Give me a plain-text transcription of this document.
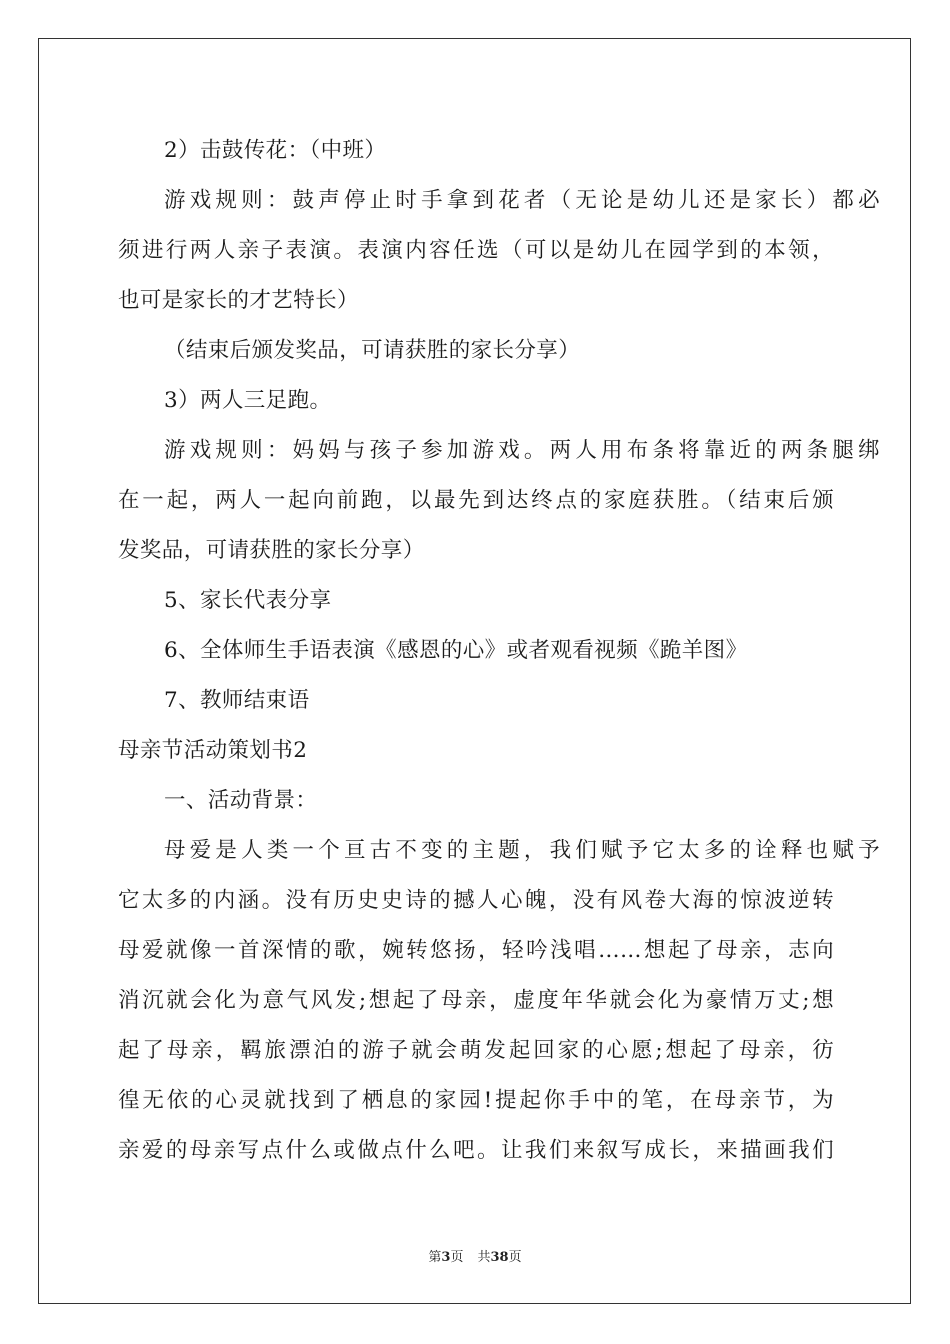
2）击鼓传花：（中班）
游戏规则：鼓声停止时手拿到花者（无论是幼儿还是家长）都必
须进行两人亲子表演。表演内容任选（可以是幼儿在园学到的本领，
也可是家长的才艺特长）
（结束后颁发奖品，可请获胜的家长分享）
3）两人三足跑。
游戏规则：妈妈与孩子参加游戏。两人用布条将靠近的两条腿绑
在一起，两人一起向前跑，以最先到达终点的家庭获胜。（结束后颁
发奖品，可请获胜的家长分享）
5、家长代表分享
6、全体师生手语表演《感恩的心》或者观看视频《跪羊图》
7、教师结束语
母亲节活动策划书2
一、活动背景：
母爱是人类一个亘古不变的主题，我们赋予它太多的诠释也赋予
它太多的内涵。没有历史史诗的撼人心魄，没有风卷大海的惊波逆转
母爱就像一首深情的歌，婉转悠扬，轻吟浅唱……想起了母亲，志向
消沉就会化为意气风发;想起了母亲，虚度年华就会化为豪情万丈;想
起了母亲，羁旅漂泊的游子就会萌发起回家的心愿;想起了母亲，彷
徨无依的心灵就找到了栖息的家园!提起你手中的笔，在母亲节，为
亲爱的母亲写点什么或做点什么吧。让我们来叙写成长，来描画我们
第3页 共38页
